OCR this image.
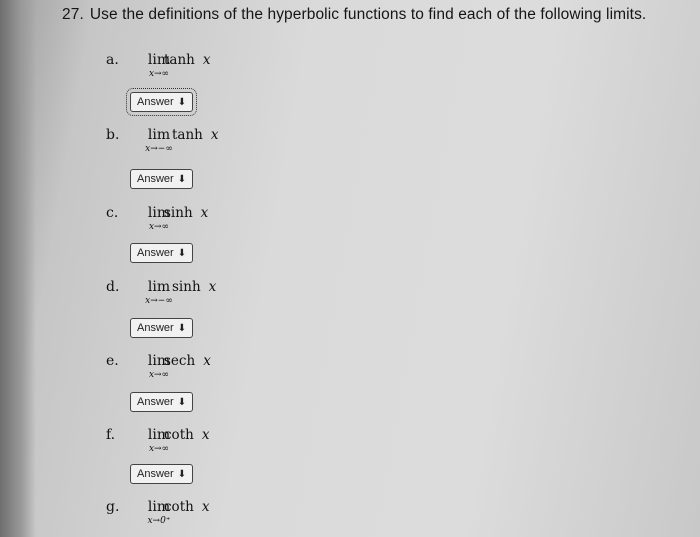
27. Use the definitions of the hyperbolic functions to find each of the following limits.
a.	lim
x→∞
tanh x
Answer ⬇
b.	lim
x→−∞
tanh x
Answer ⬇
c.	lim
x→∞
sinh x
Answer ⬇
d.	lim
x→−∞
sinh x
Answer ⬇
e.	lim
x→∞
sech x
Answer ⬇
f.	lim
x→∞
coth x
Answer ⬇
g.	lim
x→0⁺
coth x
